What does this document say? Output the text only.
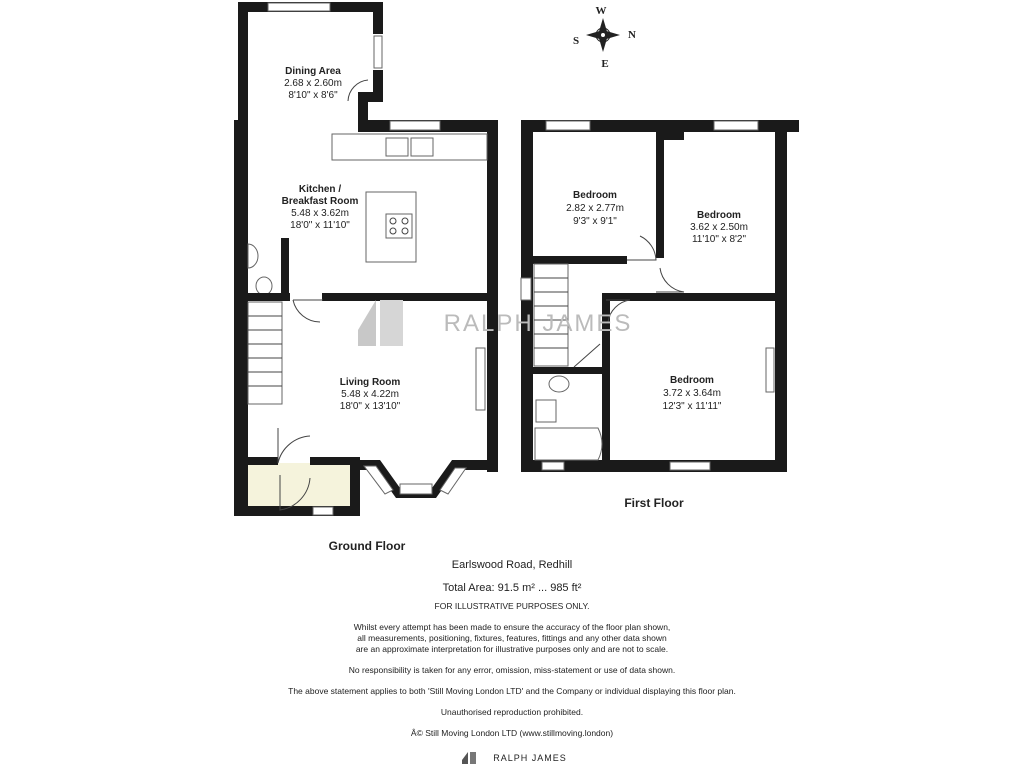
RALPH JAMES
W
N
S
E
Dining Area
2.68 x 2.60m
8'10" x 8'6"
Kitchen /
Breakfast Room
5.48 x 3.62m
18'0" x 11'10"
Living Room
5.48 x 4.22m
18'0" x 13'10"
Bedroom
2.82 x 2.77m
9'3" x 9'1"
Bedroom
3.62 x 2.50m
11'10" x 8'2"
Bedroom
3.72 x 3.64m
12'3" x 11'11"
First Floor
Ground Floor
Earlswood Road, Redhill
Total Area: 91.5 m² ... 985 ft²
FOR ILLUSTRATIVE PURPOSES ONLY.
Whilst every attempt has been made to ensure the accuracy of the floor plan shown,
all measurements, positioning, fixtures, features, fittings and any other data shown
are an approximate interpretation for illustrative purposes only and are not to scale.
No responsibility is taken for any error, omission, miss-statement or use of data shown.
The above statement applies to both 'Still Moving London LTD' and the Company or individual displaying this floor plan.
Unauthorised reproduction prohibited.
Â© Still Moving London LTD (www.stillmoving.london)
RALPH JAMES
